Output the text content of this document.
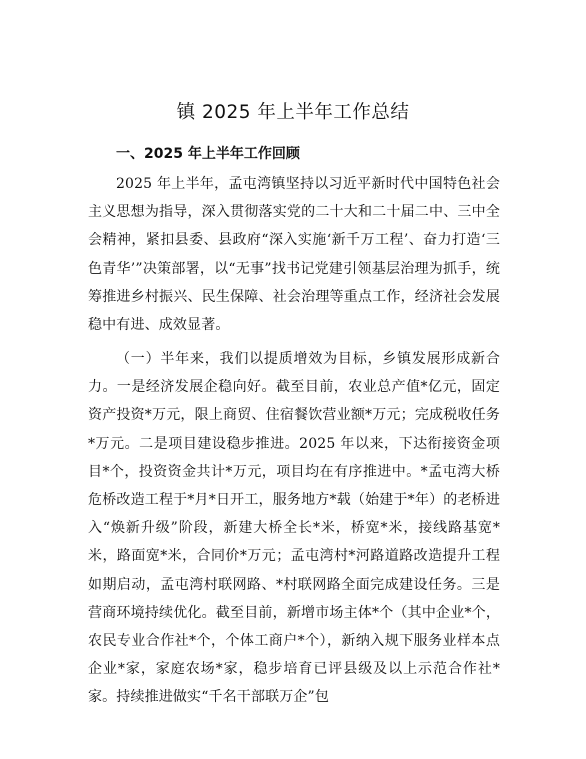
镇 2025 年上半年工作总结
一、2025 年上半年工作回顾

2025 年上半年，孟屯湾镇坚持以习近平新时代中国特色社会主义思想为指导，深入贯彻落实党的二十大和二十届二中、三中全会精神，紧扣县委、县政府“深入实施‘新千万工程’、奋力打造‘三色青华’”决策部署，以“无事”找书记党建引领基层治理为抓手，统筹推进乡村振兴、民生保障、社会治理等重点工作，经济社会发展稳中有进、成效显著。

（一）半年来，我们以提质增效为目标，乡镇发展形成新合力。一是经济发展企稳向好。截至目前，农业总产值*亿元，固定资产投资*万元，限上商贸、住宿餐饮营业额*万元；完成税收任务*万元。二是项目建设稳步推进。2025 年以来，下达衔接资金项目*个，投资资金共计*万元，项目均在有序推进中。*孟屯湾大桥危桥改造工程于*月*日开工，服务地方*载（始建于*年）的老桥进入“焕新升级”阶段，新建大桥全长*米，桥宽*米，接线路基宽*米，路面宽*米，合同价*万元；孟屯湾村*河路道路改造提升工程如期启动，孟屯湾村联网路、*村联网路全面完成建设任务。三是营商环境持续优化。截至目前，新增市场主体*个（其中企业*个，农民专业合作社*个，个体工商户*个），新纳入规下服务业样本点企业*家，家庭农场*家，稳步培育已评县级及以上示范合作社*家。持续推进做实“千名干部联万企”包
